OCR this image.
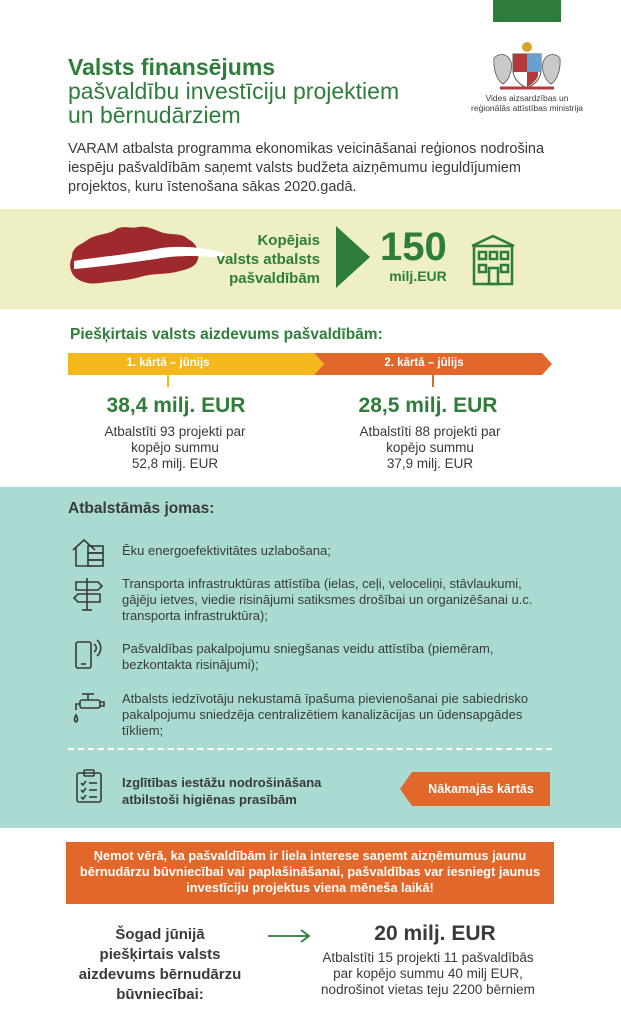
Valsts finansējums
pašvaldību investīciju projektiem
un bērnudārziem
Vides aizsardzības un reģionālās attīstības ministrija
VARAM atbalsta programma ekonomikas veicināšanai reģionos nodrošina iespēju pašvaldībām saņemt valsts budžeta aizņēmumu ieguldījumiem projektos, kuru īstenošana sākas 2020.gadā.
Kopējais
valsts atbalsts
pašvaldībām
150
milj.EUR
Piešķirtais valsts aizdevums pašvaldībām:
1. kārtā – jūnijs	2. kārtā – jūlijs
38,4 milj. EUR	28,5 milj. EUR
Atbalstīti 93 projekti par
kopējo summu
52,8 milj. EUR
Atbalstīti 88 projekti par
kopējo summu
37,9 milj. EUR
Atbalstāmās jomas:
Ēku energoefektivitātes uzlabošana;
Transporta infrastruktūras attīstība (ielas, ceļi, veloceliņi, stāvlaukumi, gājēju ietves, viedie risinājumi satiksmes drošībai un organizēšanai u.c. transporta infrastruktūra);
Pašvaldības pakalpojumu sniegšanas veidu attīstība (piemēram, bezkontakta risinājumi);
Atbalsts iedzīvotāju nekustamā īpašuma pievienošanai pie sabiedrisko pakalpojumu sniedzēja centralizētiem kanalizācijas un ūdensapgādes tīkliem;
Izglītības iestāžu nodrošināšana atbilstoši higiēnas prasībām
Nākamajās kārtās
Ņemot vērā, ka pašvaldībām ir liela interese saņemt aizņēmumus jaunu bērnudārzu būvniecībai vai paplašināšanai, pašvaldības var iesniegt jaunus investīciju projektus viena mēneša laikā!
Šogad jūnijā
piešķirtais valsts
aizdevums bērnudārzu
būvniecībai:
20 milj. EUR
Atbalstīti 15 projekti 11 pašvaldībās
par kopējo summu 40 milj EUR,
nodrošinot vietas teju 2200 bērniem
